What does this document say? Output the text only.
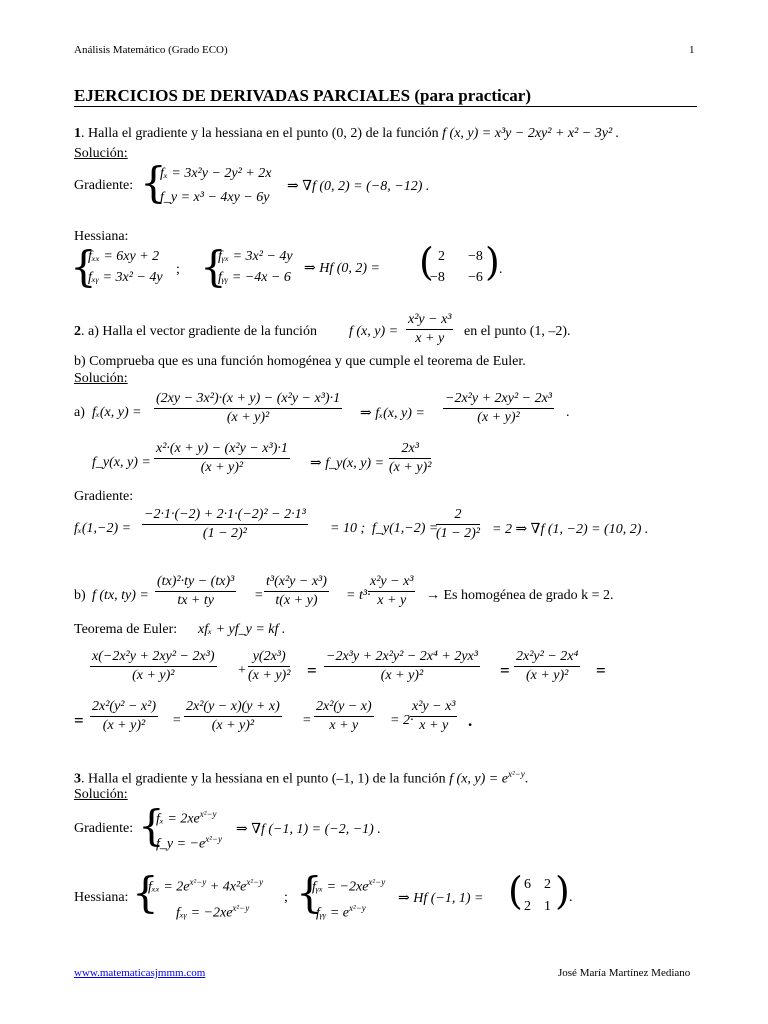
Análisis Matemático (Grado ECO)	1
EJERCICIOS DE DERIVADAS PARCIALES (para practicar)
1. Halla el gradiente y la hessiana en el punto (0, 2) de la función f (x, y) = x³y − 2xy² + x² − 3y² .
Solución:
Gradiente: {
fₓ = 3x²y − 2y² + 2x
f_y = x³ − 4xy − 6y
⇒ ∇f (0, 2) = (−8, −12) .
Hessiana:
{
fₓₓ = 6xy + 2
fₓᵧ = 3x² − 4y
; {
fᵧₓ = 3x² − 4y
fᵧᵧ = −4x − 6
⇒ Hf (0, 2) = ( 2 −8
−8 −6 ) .
2. a) Halla el vector gradiente de la función f (x, $y) = \frac{\text{x²y − x³}}{x + y}$ en el punto (1, –2).
b) Comprueba que es una función homogénea y que cumple el teorema de Euler.
Solución:
a) fₓ(x, $y) = \frac{\text{(2xy − 3x²)·(x + y) − (x²y − x³)·1}}{\text{(x + y)²}}$ ⇒ fₓ(x, $y) = \frac{\text{−2x²y + 2xy² − 2x³}}{\text{(x + y)²}}$ .
f_y(x, $y) = \frac{\text{x²·(x + y) − (x²y − x³)·1}}{\text{(x + y)²}}$ ⇒ f_y(x, $y) = \frac{\text{2x³}}{\text{(x + y)²}}$
Gradiente:
$f_x(1,-2) = \frac{\text{−2·1·(−2) + 2·1·(−2)² − 2·1³}}{\text{(1 − 2)²}} = 10$ ; f_y(1,−2) =
$\frac{2}{\text{(1 − 2)²}} = 2$ ⇒ ∇f (1, −2) = (10, 2) .
b) f (tx, $ty) = \frac{\text{(tx)²·ty − (tx)³}}{tx + ty} = \frac{\text{t³(x²y − x³)}}{t(x + y)} = t^3\cdot$
$\frac{\text{x²y − x³}}{x + y} \to Es$ homogénea de grado k = 2.
Teorema de Euler: xfₓ + yf_y = kf .
$\frac{\text{x(−2x²y + 2xy² − 2x³)}}{\text{(x + y)²}} + \frac{\text{y(2x³)}}{\text{(x + y)²}} = \frac{\text{−2x³y + 2x²y² − 2x⁴ + 2yx³}}{\text{(x + y)²}} = \frac{\text{2x²y² − 2x⁴}}{\text{(x + y)²}}$ =
= $\frac{\text{2x²(y² − x²)}}{\text{(x + y)²}} = \frac{\text{2x²(y − x)(y + x)}}{\text{(x + y)²}} = \frac{\text{2x²(y − x)}}{x + y} = 2\cdot$
$\frac{\text{x²y − x³}}{x + y}$ .
3. Halla el gradiente y la hessiana en el punto (–1, 1) de la función f (x, $y) = e^{x^2-y}$.
Solución:
Gradiente: {
$f_x = 2xe^{x^2-y}$
f_y = $-e^{x^2-y}$
⇒ ∇f (−1, 1) = (−2, −1) .
Hessiana: {
$f_{xx} = 2e^{x^2-y} + 4x^2e^{x^2-y}$
fₓᵧ = $-2xe^{x^2-y}$
; {
fᵧₓ = $-2xe^{x^2-y}$
fᵧᵧ = $e^{x^2-y}$
⇒ Hf (−1, 1) = ( 6 2
2 1 ) .
www.matematicasjmmm.com	José María Martínez Mediano
